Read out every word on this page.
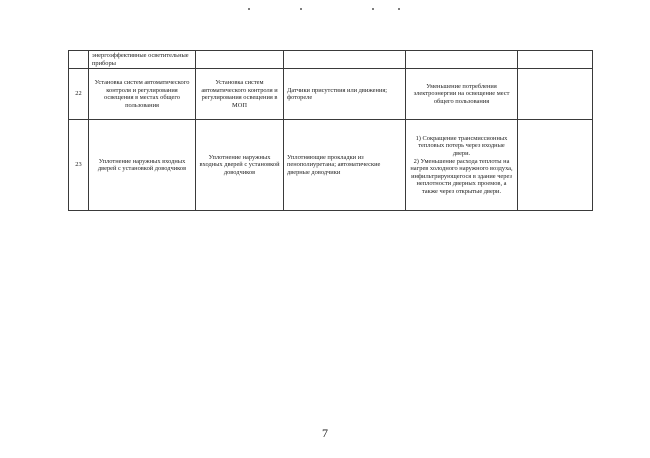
	энергоэффективные осветительные приборы				
22	Установка систем автоматического контроля и регулирования освещения в местах общего пользования	Установка систем автоматического контроля и регулирования освещения в МОП	Датчики присутствия или движения; фотореле	Уменьшение потребления электроэнергии на освещение мест общего пользования	
23	Уплотнение наружных входных дверей с установкой доводчиков	Уплотнение наружных входных дверей с установкой доводчиков	Уплотняющие прокладки из пенополиуретана; автоматические дверные доводчики	1) Сокращение трансмиссионных тепловых потерь через входные двери.
2) Уменьшение расхода теплоты на нагрев холодного наружного воздуха, инфильтрирующегося в здание через неплотности дверных проемов, а также через открытые двери.	
7
